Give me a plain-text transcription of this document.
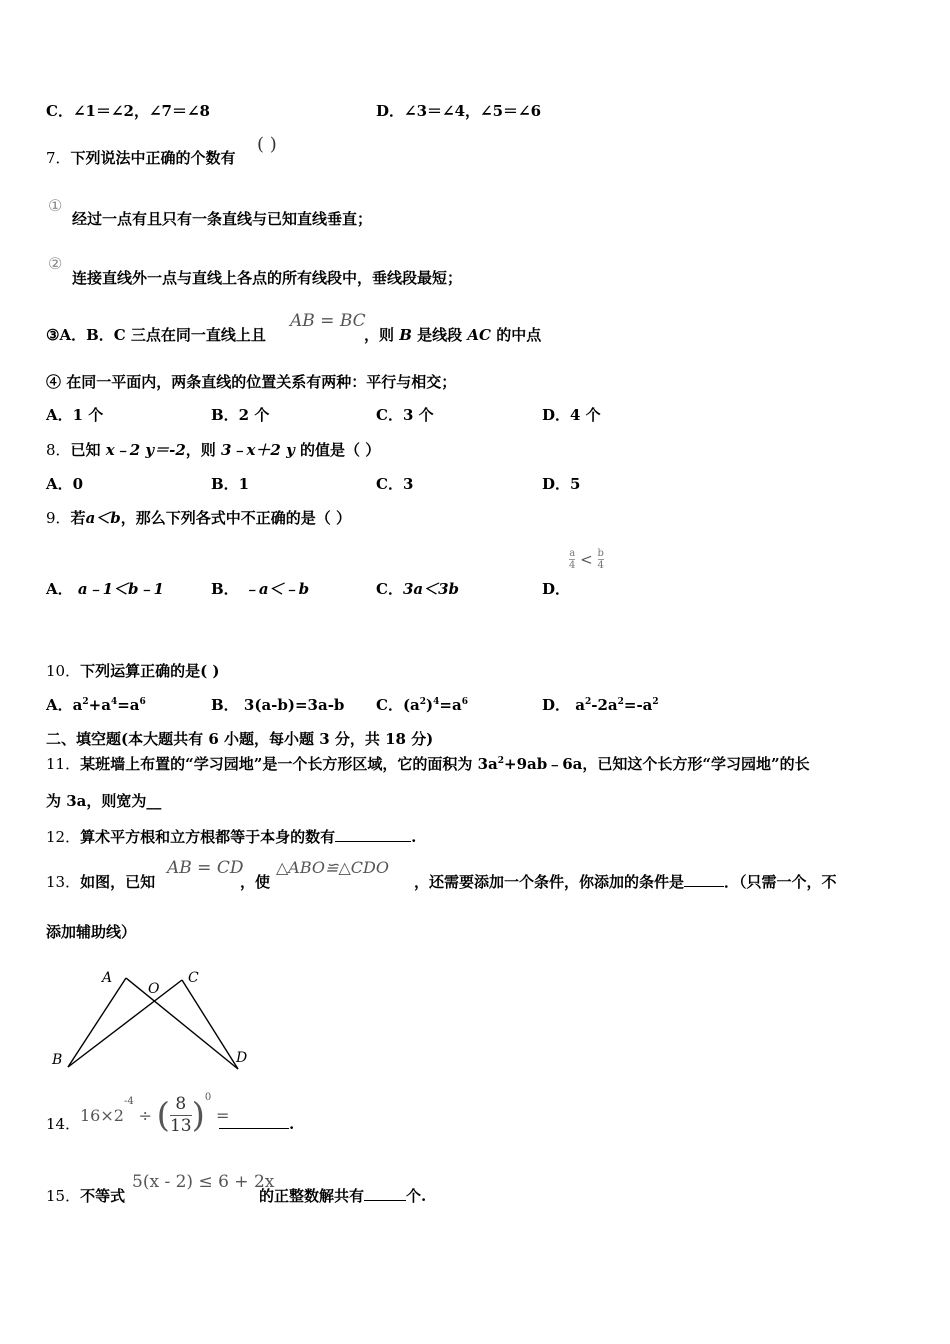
C．∠1＝∠2，∠7＝∠8	D．∠3＝∠4，∠5＝∠6
7．下列说法中正确的个数有
( )
①
经过一点有且只有一条直线与已知直线垂直；
②
连接直线外一点与直线上各点的所有线段中，垂线段最短；
③A．B．C 三点在同一直线上且
AB = BC
，则 B 是线段 AC 的中点
④ 在同一平面内，两条直线的位置关系有两种：平行与相交；
A．1 个	B．2 个	C．3 个	D．4 个
8．已知 x﹣2 y＝-2，则 3﹣x＋2 y 的值是（ ）
A．0	B．1	C．3	D．5
9．若a＜b，那么下列各式中不正确的是（ ）
A． a﹣1＜b﹣1	B． ﹣a＜﹣b	C．3a＜3b	D．
$\frac{a}{4} < \frac{b}{4}$
10．下列运算正确的是( )
A．$a^2+a^4=a^6$	B． 3(a-b)=3a-b C．$(a^2)^4=a^6$	D． $a^2-2a^2=-a^2$
二、填空题(本大题共有 6 小题，每小题 3 分，共 18 分)
11．某班墙上布置的“学习园地”是一个长方形区域，它的面积为 $3a^2+9ab﹣6a$，已知这个长方形“学习园地”的长
为 3a，则宽为__
12．算术平方根和立方根都等于本身的数有	.
13．如图，已知
AB = CD
，使
△ABO≌△CDO
，还需要添加一个条件，你添加的条件是	．（只需一个，不
添加辅助线）
A
O
C
B	D
14． $16\times 2^{-4}$ ÷ ( $\frac{8}{13} )^0$ =	.
15．不等式
5(x - 2) ≤ 6 + 2x
的正整数解共有	个.
